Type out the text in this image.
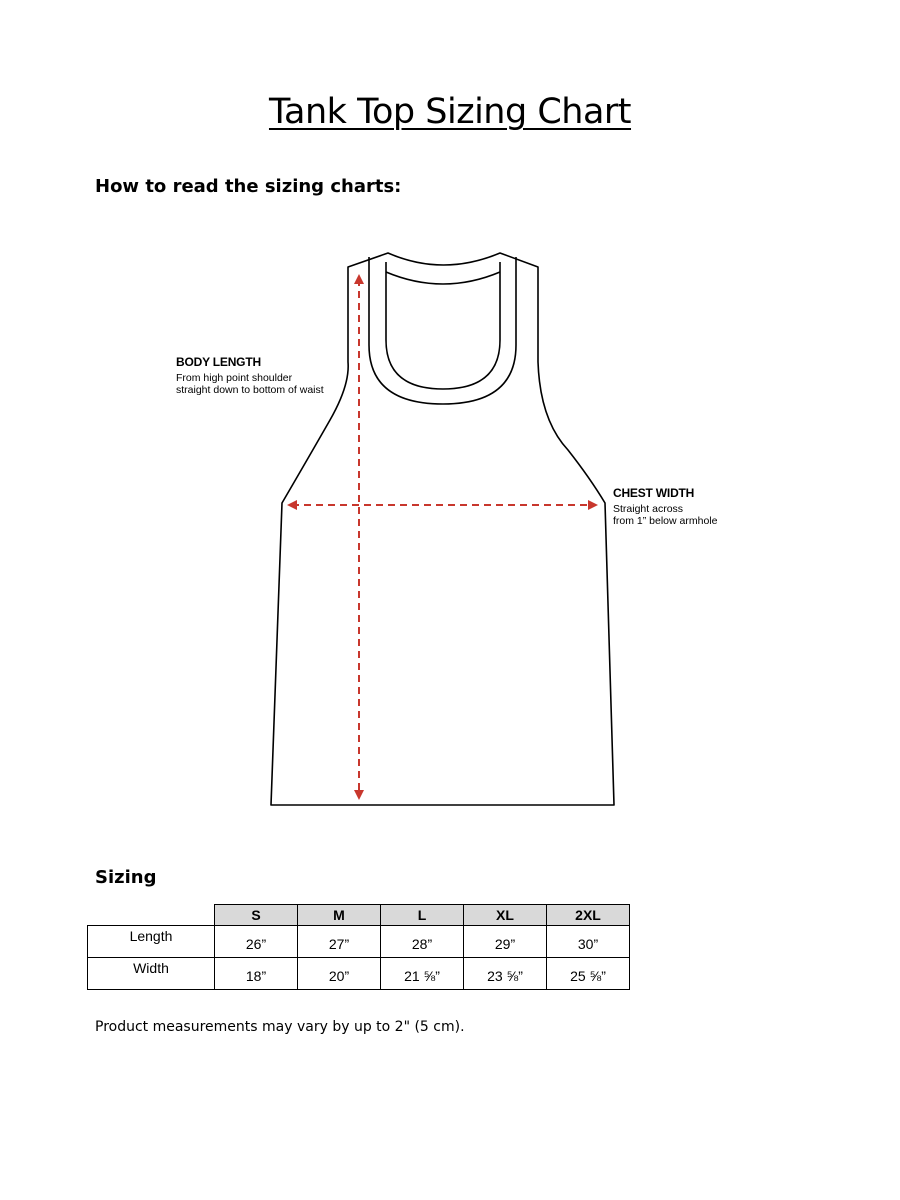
Tank Top Sizing Chart
How to read the sizing charts:
BODY LENGTH
From high point shoulder
straight down to bottom of waist
CHEST WIDTH
Straight across
from 1” below armhole
Sizing
	S	M	L	XL	2XL
Length	26”	27”	28”	29”	30”
Width	18”	20”	21 ⅝”	23 ⅝”	25 ⅝”
Product measurements may vary by up to 2" (5 cm).
